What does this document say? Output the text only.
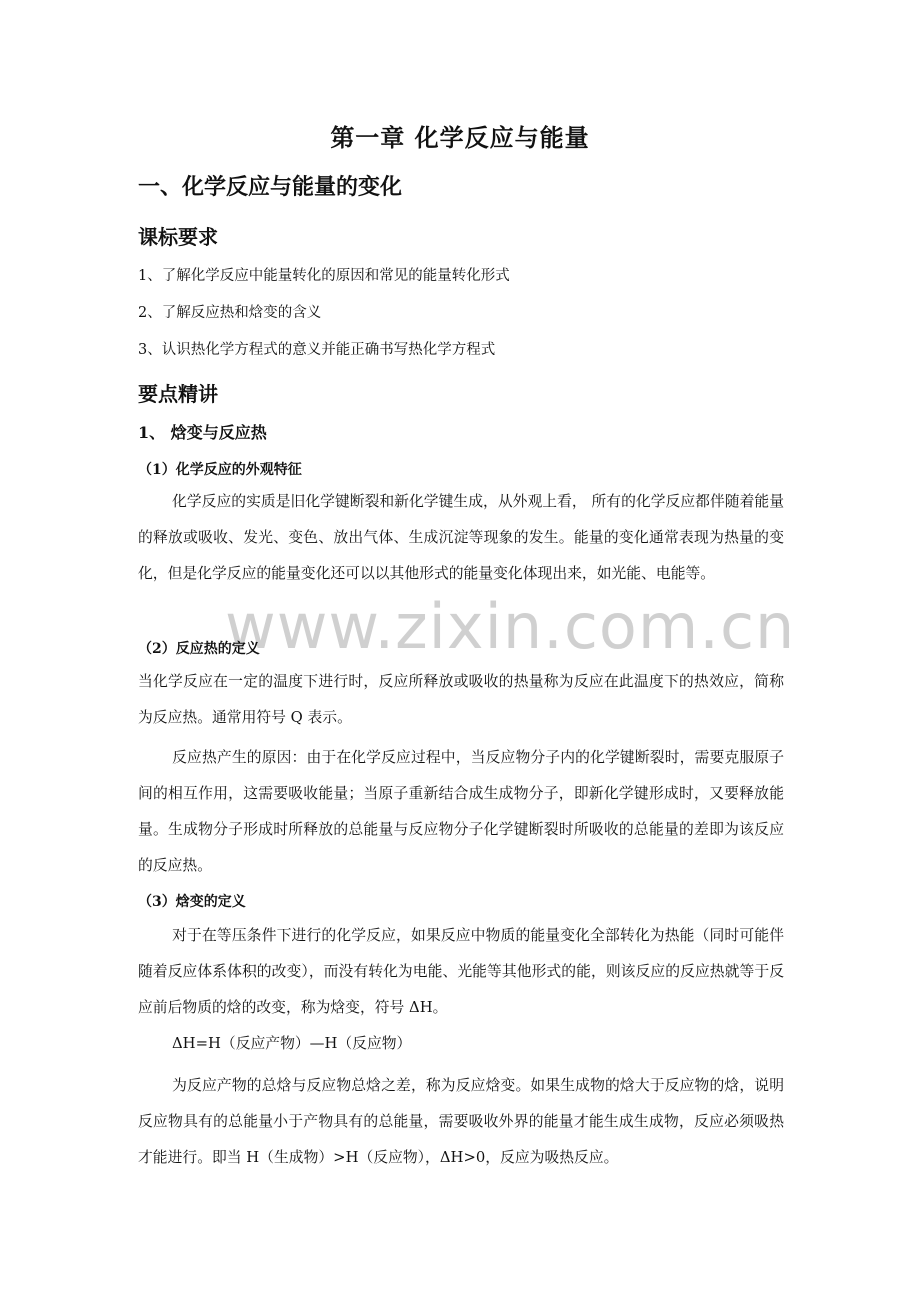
www.zixin.com.cn
第一章 化学反应与能量
一、化学反应与能量的变化
课标要求
1、了解化学反应中能量转化的原因和常见的能量转化形式
2、了解反应热和焓变的含义
3、认识热化学方程式的意义并能正确书写热化学方程式
要点精讲
1、 焓变与反应热
（1）化学反应的外观特征
化学反应的实质是旧化学键断裂和新化学键生成，从外观上看， 所有的化学反应都伴随着能量的释放或吸收、发光、变色、放出气体、生成沉淀等现象的发生。能量的变化通常表现为热量的变化，但是化学反应的能量变化还可以以其他形式的能量变化体现出来，如光能、电能等。
（2）反应热的定义
当化学反应在一定的温度下进行时，反应所释放或吸收的热量称为反应在此温度下的热效应，简称为反应热。通常用符号 Q 表示。
反应热产生的原因：由于在化学反应过程中，当反应物分子内的化学键断裂时，需要克服原子间的相互作用，这需要吸收能量；当原子重新结合成生成物分子，即新化学键形成时，又要释放能量。生成物分子形成时所释放的总能量与反应物分子化学键断裂时所吸收的总能量的差即为该反应的反应热。
（3）焓变的定义
对于在等压条件下进行的化学反应，如果反应中物质的能量变化全部转化为热能（同时可能伴随着反应体系体积的改变），而没有转化为电能、光能等其他形式的能，则该反应的反应热就等于反应前后物质的焓的改变，称为焓变，符号 ΔH。
ΔH=H（反应产物）—H（反应物）
为反应产物的总焓与反应物总焓之差，称为反应焓变。如果生成物的焓大于反应物的焓，说明反应物具有的总能量小于产物具有的总能量，需要吸收外界的能量才能生成生成物，反应必须吸热才能进行。即当 H（生成物）>H（反应物），ΔH>0，反应为吸热反应。
